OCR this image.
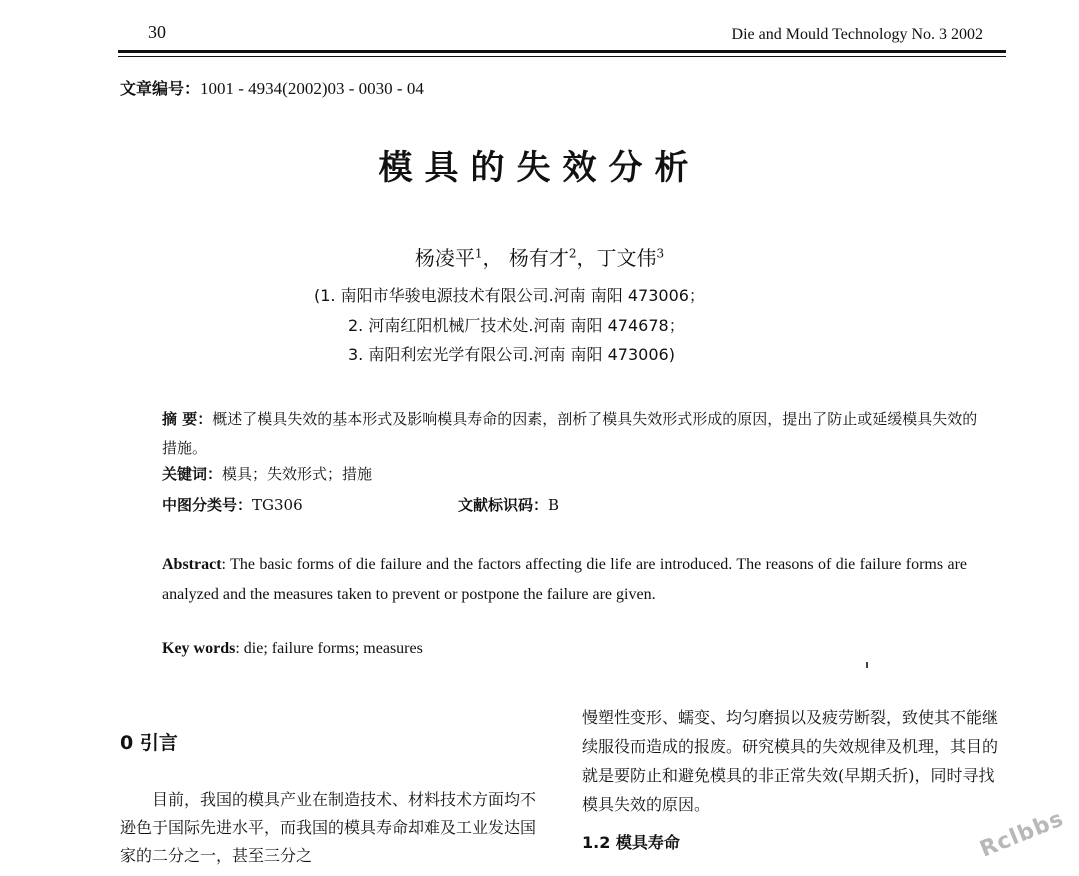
30	Die and Mould Technology No. 3 2002
文章编号：1001 - 4934(2002)03 - 0030 - 04
模具的失效分析
杨凌平$^1$， 杨有才$^2$，丁文伟$^3$
(1. 南阳市华骏电源技术有限公司.河南 南阳 473006；
2. 河南红阳机械厂技术处.河南 南阳 474678；
3. 南阳利宏光学有限公司.河南 南阳 473006)
摘 要：概述了模具失效的基本形式及影响模具寿命的因素，剖析了模具失效形式形成的原因，提出了防止或延缓模具失效的措施。
关键词：模具；失效形式；措施
中图分类号：TG306	文献标识码：B
Abstract: The basic forms of die failure and the factors affecting die life are introduced. The reasons of die failure forms are analyzed and the measures taken to prevent or postpone the failure are given.
Key words: die; failure forms; measures
0 引言

目前，我国的模具产业在制造技术、材料技术方面均不逊色于国际先进水平，而我国的模具寿命却难及工业发达国家的二分之一，甚至三分之

慢塑性变形、蠕变、均匀磨损以及疲劳断裂，致使其不能继续服役而造成的报废。研究模具的失效规律及机理，其目的就是要防止和避免模具的非正常失效(早期夭折)，同时寻找模具失效的原因。

1.2 模具寿命	Rclbbs
